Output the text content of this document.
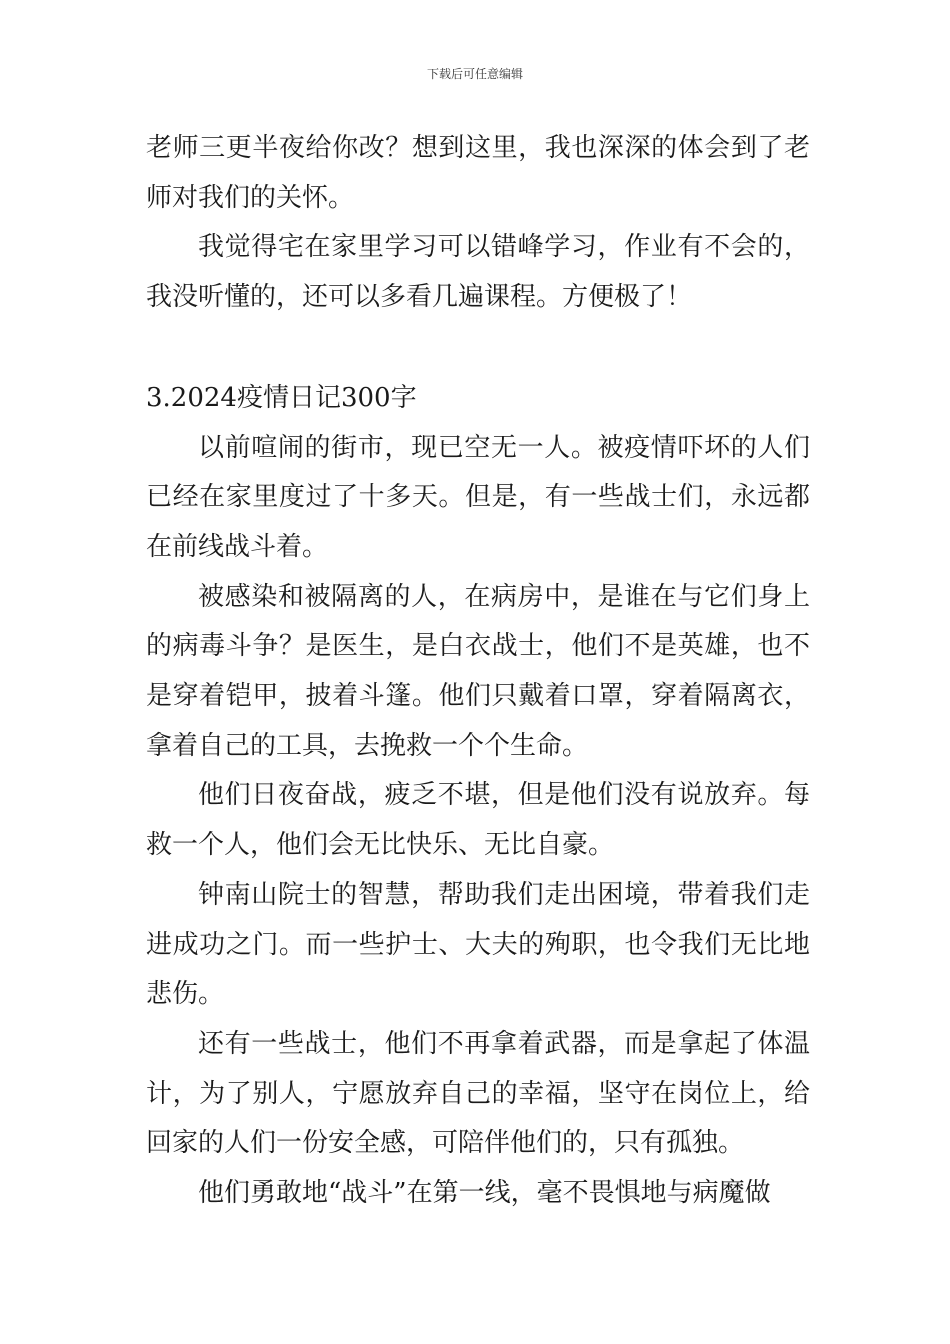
下载后可任意编辑

老师三更半夜给你改？想到这里，我也深深的体会到了老师对我们的关怀。

我觉得宅在家里学习可以错峰学习，作业有不会的，我没听懂的，还可以多看几遍课程。方便极了！

3.2024疫情日记300字

以前喧闹的街市，现已空无一人。被疫情吓坏的人们已经在家里度过了十多天。但是，有一些战士们，永远都在前线战斗着。

被感染和被隔离的人，在病房中，是谁在与它们身上的病毒斗争？是医生，是白衣战士，他们不是英雄，也不是穿着铠甲，披着斗篷。他们只戴着口罩，穿着隔离衣，拿着自己的工具，去挽救一个个生命。

他们日夜奋战，疲乏不堪，但是他们没有说放弃。每救一个人，他们会无比快乐、无比自豪。

钟南山院士的智慧，帮助我们走出困境，带着我们走进成功之门。而一些护士、大夫的殉职，也令我们无比地悲伤。

还有一些战士，他们不再拿着武器，而是拿起了体温计，为了别人，宁愿放弃自己的幸福，坚守在岗位上，给回家的人们一份安全感，可陪伴他们的，只有孤独。

他们勇敢地“战斗”在第一线，毫不畏惧地与病魔做
